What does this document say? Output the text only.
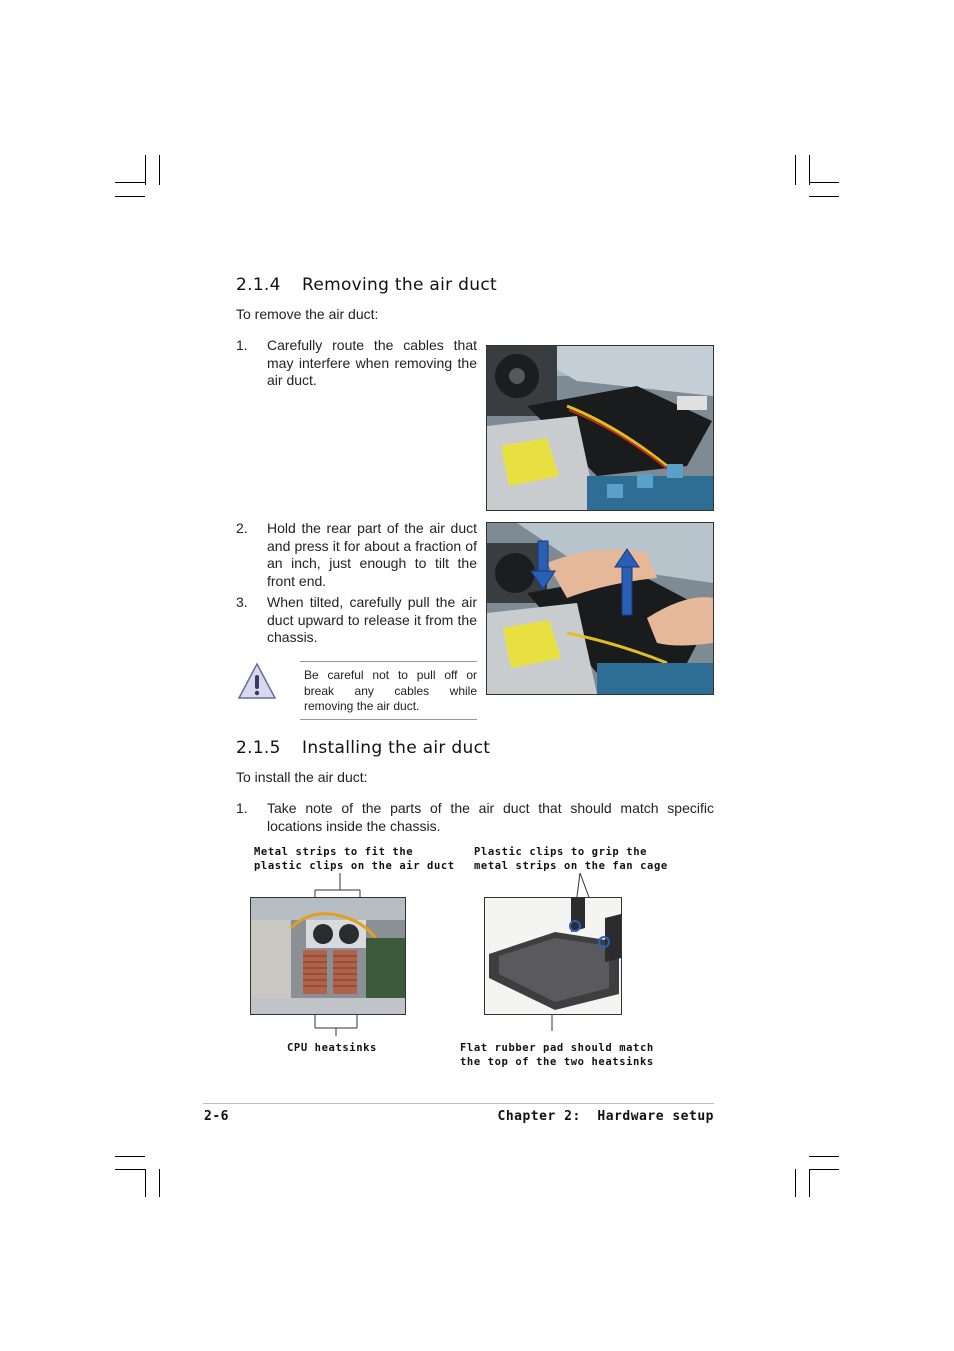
2.1.4 Removing the air duct
To remove the air duct:
1. Carefully route the cables that may interfere when removing the air duct.
2. Hold the rear part of the air duct and press it for about a fraction of an inch, just enough to tilt the front end.
3. When tilted, carefully pull the air duct upward to release it from the chassis.
Be careful not to pull off or break any cables while removing the air duct.
2.1.5 Installing the air duct
To install the air duct:
1. Take note of the parts of the air duct that should match specific locations inside the chassis.
Metal strips to fit the
plastic clips on the air duct
Plastic clips to grip the
metal strips on the fan cage
CPU heatsinks	Flat rubber pad should match
the top of the two heatsinks
2-6	Chapter 2:  Hardware setup
